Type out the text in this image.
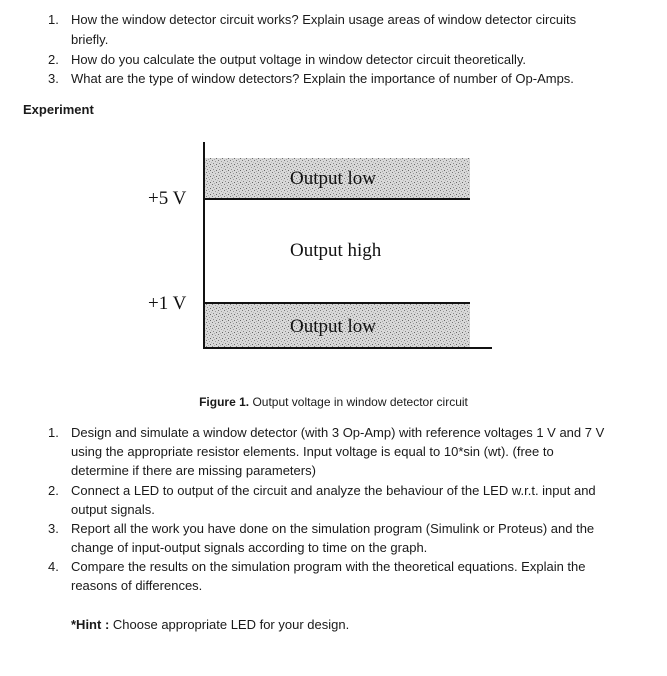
1. How the window detector circuit works? Explain usage areas of window detector circuits
briefly.
2. How do you calculate the output voltage in window detector circuit theoretically.
3. What are the type of window detectors? Explain the importance of number of Op-Amps.
Experiment
+5 V
+1 V
Output low
Output high
Output low
Figure 1. Output voltage in window detector circuit
1. Design and simulate a window detector (with 3 Op-Amp) with reference voltages 1 V and 7 V
using the appropriate resistor elements. Input voltage is equal to 10*sin (wt). (free to
determine if there are missing parameters)
2. Connect a LED to output of the circuit and analyze the behaviour of the LED w.r.t. input and
output signals.
3. Report all the work you have done on the simulation program (Simulink or Proteus) and the
change of input-output signals according to time on the graph.
4. Compare the results on the simulation program with the theoretical equations. Explain the
reasons of differences.
*Hint : Choose appropriate LED for your design.
